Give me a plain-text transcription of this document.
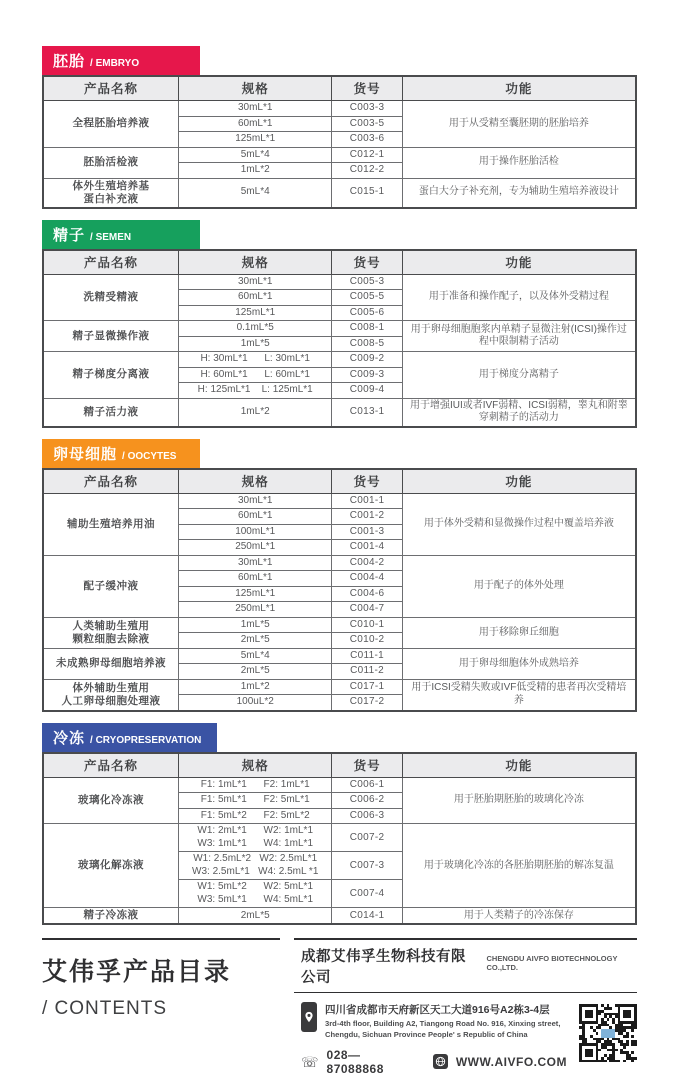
胚胎 / EMBRYO
产品名称	规格	货号	功能

全程胚胎培养液	30mL*1	C003-3	用于从受精至囊胚期的胚胎培养

	60mL*1	C003-5	

	125mL*1	C003-6	

胚胎活检液	5mL*4	C012-1	用于操作胚胎活检

	1mL*2	C012-2	

体外生殖培养基
蛋白补充液	5mL*4	C015-1	蛋白大分子补充剂，专为辅助生殖培养液设计
精子 / SEMEN
产品名称	规格	货号	功能

洗精受精液	30mL*1	C005-3	用于准备和操作配子，以及体外受精过程

	60mL*1	C005-5	

	125mL*1	C005-6	

精子显微操作液	0.1mL*5	C008-1	用于卵母细胞胞浆内单精子显微注射(ICSI)操作过程中限制精子活动

	1mL*5	C008-5	

精子梯度分离液	H: 30mL*1      L: 30mL*1	C009-2	用于梯度分离精子

	H: 60mL*1      L: 60mL*1	C009-3	

	H: 125mL*1    L: 125mL*1	C009-4	

精子活力液	1mL*2	C013-1	用于增强IUI或者IVF弱精、ICSI弱精，睾丸和附睾穿刺精子的活动力
卵母细胞 / OOCYTES
产品名称	规格	货号	功能

辅助生殖培养用油	30mL*1	C001-1	用于体外受精和显微操作过程中覆盖培养液

	60mL*1	C001-2	

	100mL*1	C001-3	

	250mL*1	C001-4	

配子缓冲液	30mL*1	C004-2	用于配子的体外处理

	60mL*1	C004-4	

	125mL*1	C004-6	

	250mL*1	C004-7	

人类辅助生殖用
颗粒细胞去除液	1mL*5	C010-1	用于移除卵丘细胞

	2mL*5	C010-2	

未成熟卵母细胞培养液	5mL*4	C011-1	用于卵母细胞体外成熟培养

	2mL*5	C011-2	

体外辅助生殖用
人工卵母细胞处理液	1mL*2	C017-1	用于ICSI受精失败或IVF低受精的患者再次受精培养

	100uL*2	C017-2	
冷冻 / CRYOPRESERVATION
产品名称	规格	货号	功能

玻璃化冷冻液	F1: 1mL*1      F2: 1mL*1	C006-1	用于胚胎期胚胎的玻璃化冷冻

	F1: 5mL*1      F2: 5mL*1	C006-2	

	F1: 5mL*2      F2: 5mL*2	C006-3	

玻璃化解冻液	W1: 2mL*1      W2: 1mL*1
W3: 1mL*1      W4: 1mL*1	C007-2	用于玻璃化冷冻的各胚胎期胚胎的解冻复温

	W1: 2.5mL*2   W2: 2.5mL*1
W3: 2.5mL*1   W4: 2.5mL *1	C007-3	

	W1: 5mL*2      W2: 5mL*1
W3: 5mL*1      W4: 5mL*1	C007-4	

精子冷冻液	2mL*5	C014-1	用于人类精子的冷冻保存
艾伟孚产品目录
/ CONTENTS
成都艾伟孚生物科技有限公司
CHENGDU AIVFO BIOTECHNOLOGY CO.,LTD.
四川省成都市天府新区天工大道916号A2栋3-4层
3rd-4th floor, Building A2, Tiangong Road No. 916, Xinxing street,
Chengdu, Sichuan Province People' s Republic of China
☏ 028—87088868	WWW.AIVFO.COM
